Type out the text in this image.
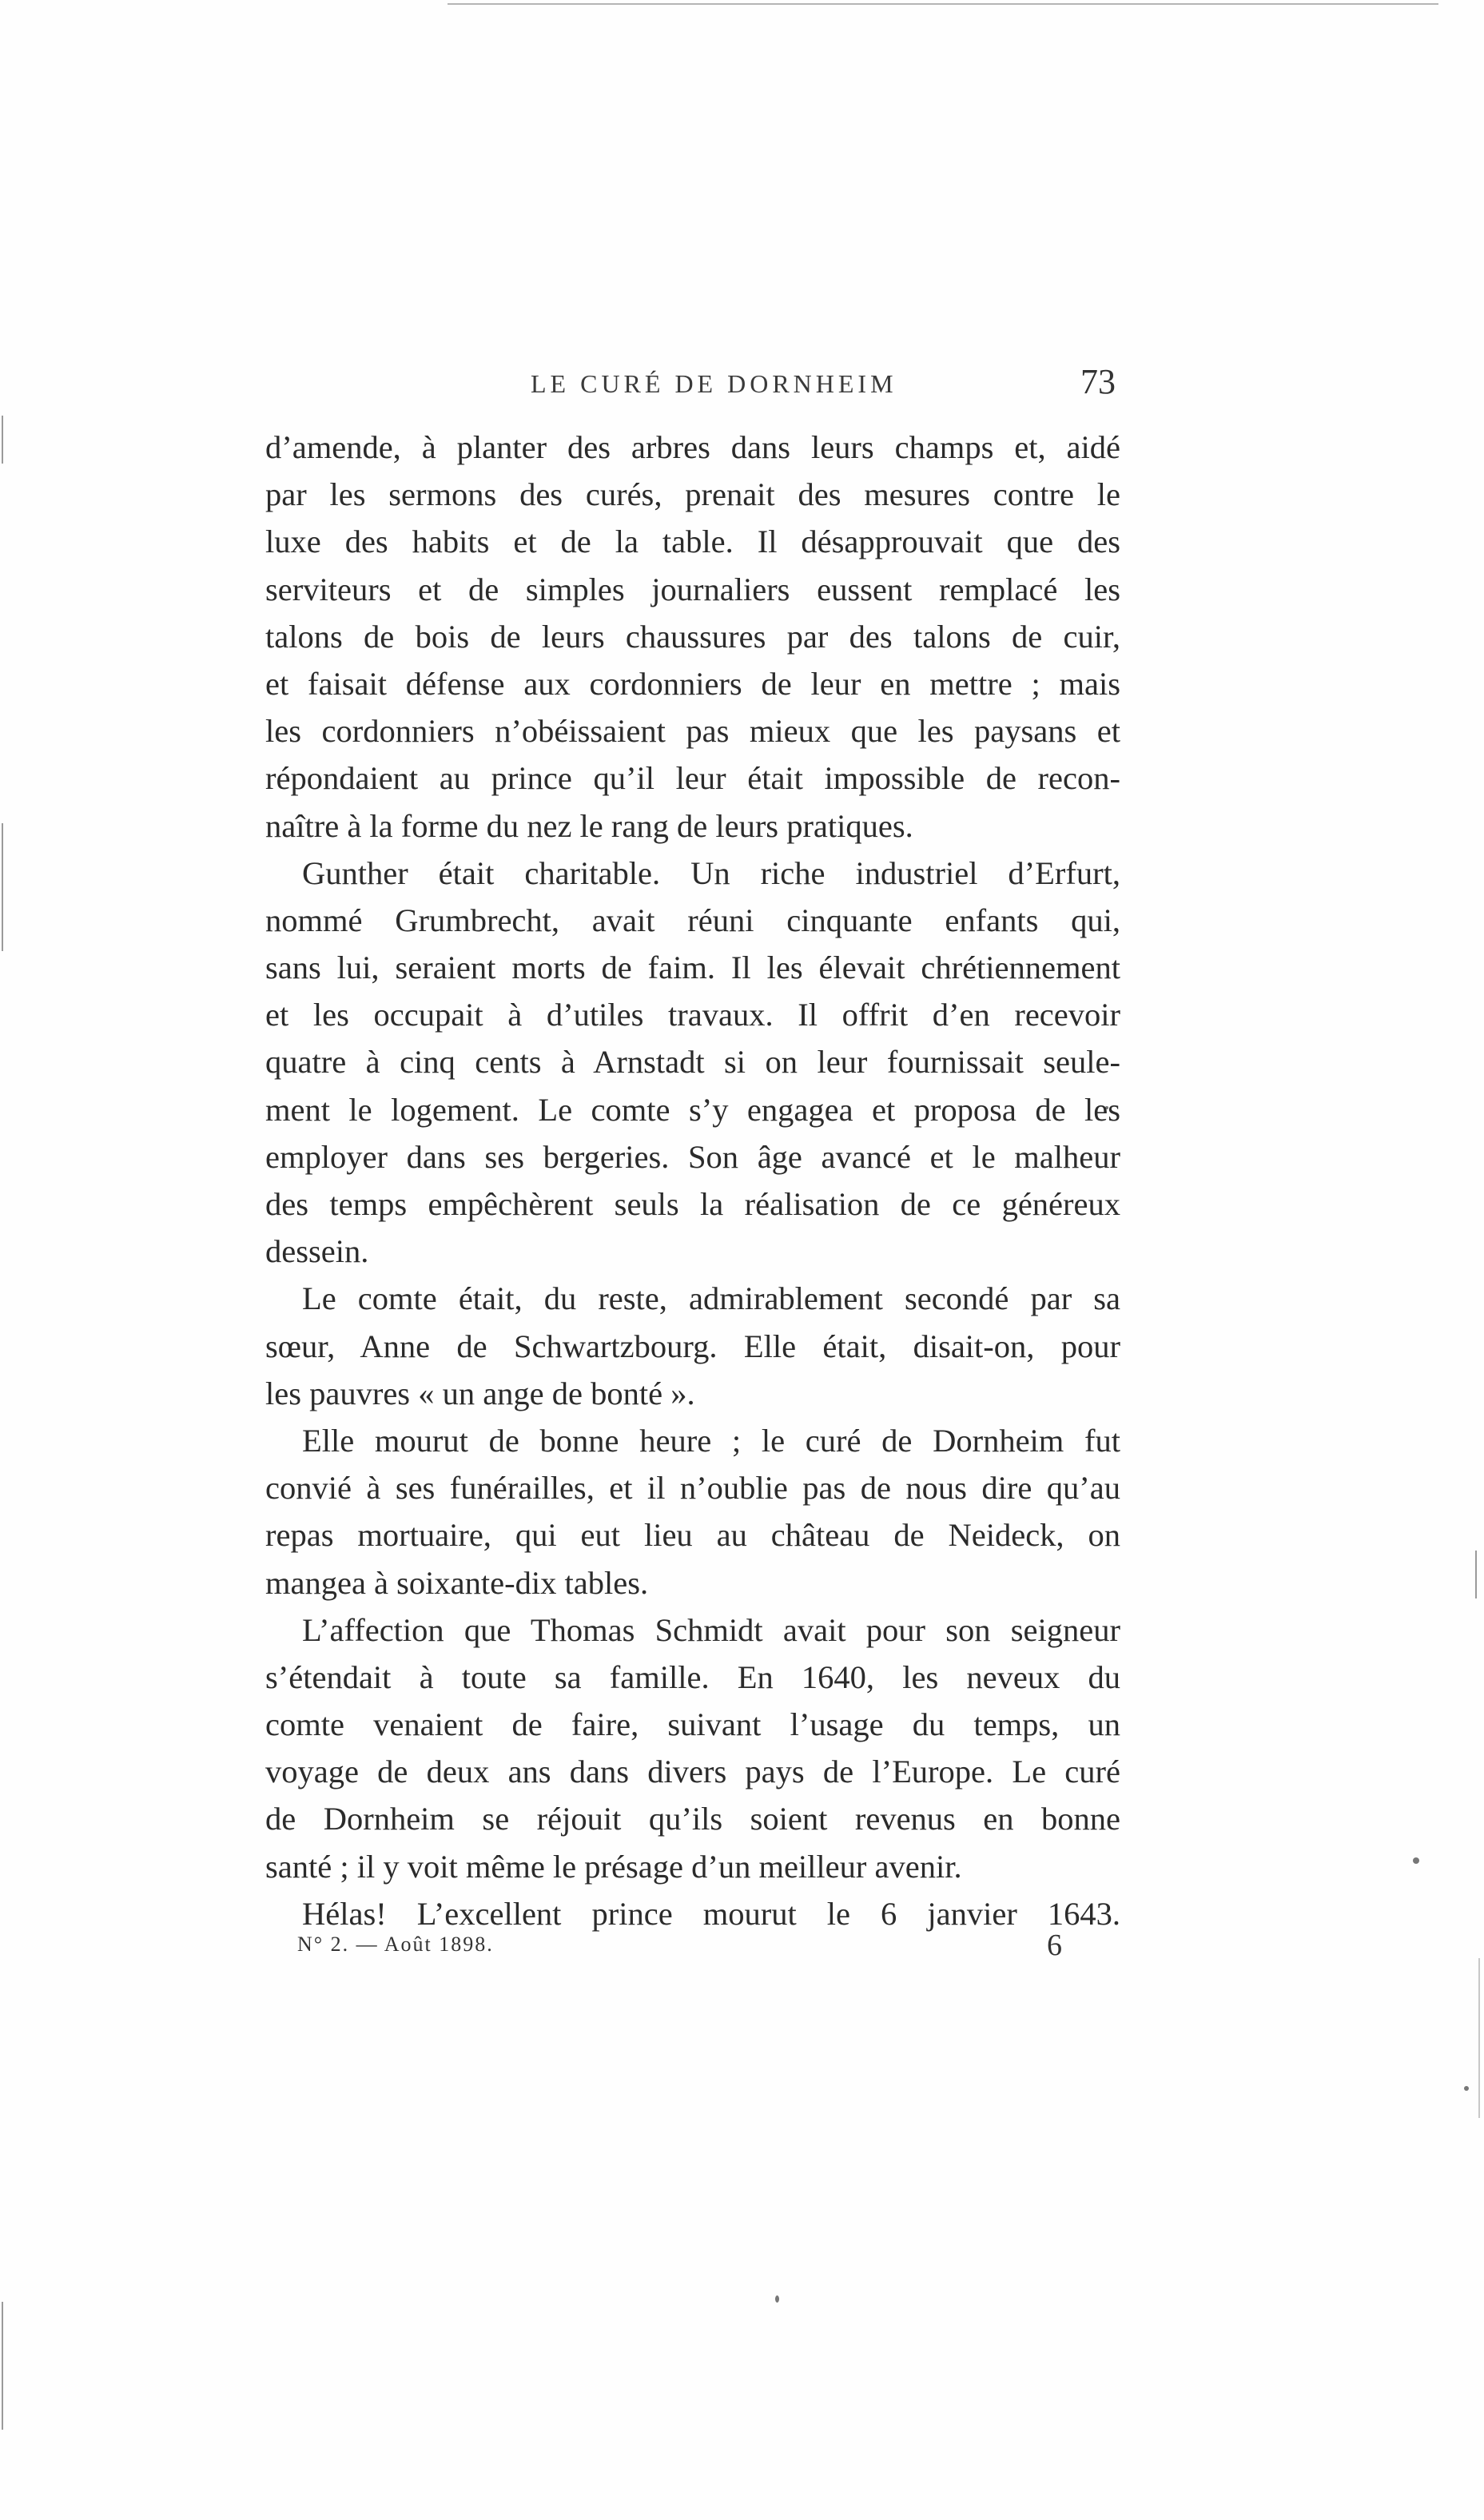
LE CURÉ DE DORNHEIM	73
d’amende, à planter des arbres dans leurs champs et, aidé
par les sermons des curés, prenait des mesures contre le
luxe des habits et de la table. Il désapprouvait que des
serviteurs et de simples journaliers eussent remplacé les
talons de bois de leurs chaussures par des talons de cuir,
et faisait défense aux cordonniers de leur en mettre ; mais
les cordonniers n’obéissaient pas mieux que les paysans et
répondaient au prince qu’il leur était impossible de recon-
naître à la forme du nez le rang de leurs pratiques.
Gunther était charitable. Un riche industriel d’Erfurt,
nommé Grumbrecht, avait réuni cinquante enfants qui,
sans lui, seraient morts de faim. Il les élevait chrétiennement
et les occupait à d’utiles travaux. Il offrit d’en recevoir
quatre à cinq cents à Arnstadt si on leur fournissait seule-
ment le logement. Le comte s’y engagea et proposa de les
employer dans ses bergeries. Son âge avancé et le malheur
des temps empêchèrent seuls la réalisation de ce généreux
dessein.
Le comte était, du reste, admirablement secondé par sa
sœur, Anne de Schwartzbourg. Elle était, disait-on, pour
les pauvres « un ange de bonté ».
Elle mourut de bonne heure ; le curé de Dornheim fut
convié à ses funérailles, et il n’oublie pas de nous dire qu’au
repas mortuaire, qui eut lieu au château de Neideck, on
mangea à soixante-dix tables.
L’affection que Thomas Schmidt avait pour son seigneur
s’étendait à toute sa famille. En 1640, les neveux du
comte venaient de faire, suivant l’usage du temps, un
voyage de deux ans dans divers pays de l’Europe. Le curé
de Dornheim se réjouit qu’ils soient revenus en bonne
santé ; il y voit même le présage d’un meilleur avenir.
Hélas! L’excellent prince mourut le 6 janvier 1643.
N° 2. — Août 1898.	6
